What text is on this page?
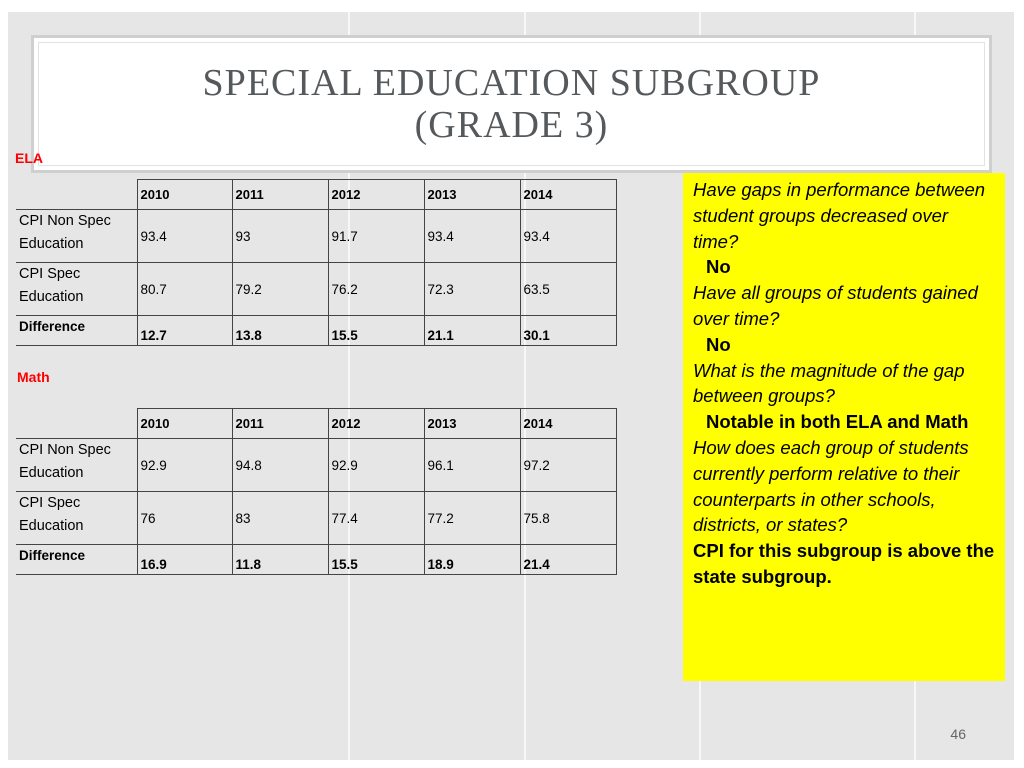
SPECIAL EDUCATION SUBGROUP
(GRADE 3)
ELA
	2010	2011	2012	2013	2014
CPI Non Spec Education	93.4	93	91.7	93.4	93.4
CPI Spec Education	80.7	79.2	76.2	72.3	63.5
Difference	12.7	13.8	15.5	21.1	30.1
Math
	2010	2011	2012	2013	2014
CPI Non Spec Education	92.9	94.8	92.9	96.1	97.2
CPI Spec Education	76	83	77.4	77.2	75.8
Difference	16.9	11.8	15.5	18.9	21.4
Have gaps in performance between student groups decreased over time?
No
Have all groups of students gained over time?
No
What is the magnitude of the gap between groups?
Notable in both ELA and Math
How does each group of students currently perform relative to their counterparts in other schools, districts, or states?
CPI for this subgroup is above the state subgroup.
46
